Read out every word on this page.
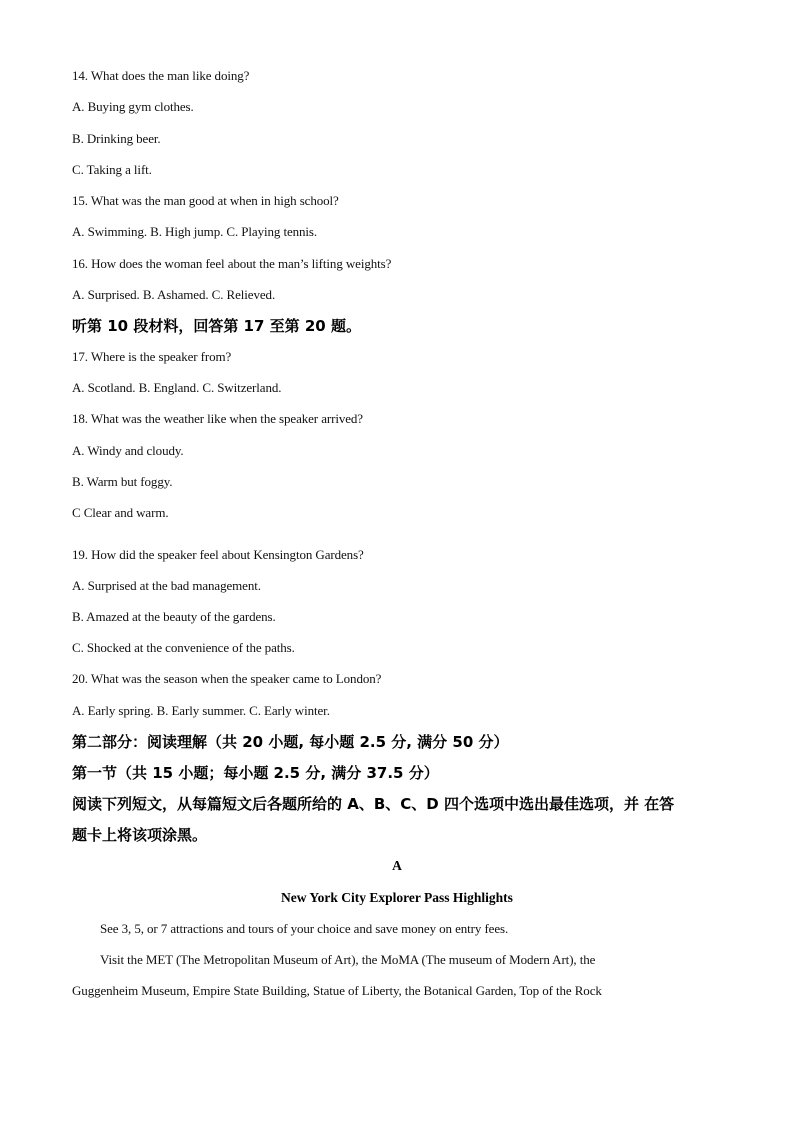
14. What does the man like doing?
A. Buying gym clothes.
B. Drinking beer.
C. Taking a lift.
15. What was the man good at when in high school?
A. Swimming. B. High jump. C. Playing tennis.
16. How does the woman feel about the man’s lifting weights?
A. Surprised. B. Ashamed. C. Relieved.
听第 10 段材料，回答第 17 至第 20 题。
17. Where is the speaker from?
A. Scotland. B. England. C. Switzerland.
18. What was the weather like when the speaker arrived?
A. Windy and cloudy.
B. Warm but foggy.
C Clear and warm.
19. How did the speaker feel about Kensington Gardens?
A. Surprised at the bad management.
B. Amazed at the beauty of the gardens.
C. Shocked at the convenience of the paths.
20. What was the season when the speaker came to London?
A. Early spring. B. Early summer. C. Early winter.
第二部分：阅读理解（共 20 小题, 每小题 2.5 分, 满分 50 分）
第一节（共 15 小题；每小题 2.5 分, 满分 37.5 分）
阅读下列短文，从每篇短文后各题所给的 A、B、C、D 四个选项中选出最佳选项，并 在答
题卡上将该项涂黑。
A
New York City Explorer Pass Highlights
See 3, 5, or 7 attractions and tours of your choice and save money on entry fees.
Visit the MET (The Metropolitan Museum of Art), the MoMA (The museum of Modern Art), the
Guggenheim Museum, Empire State Building, Statue of Liberty, the Botanical Garden, Top of the Rock
